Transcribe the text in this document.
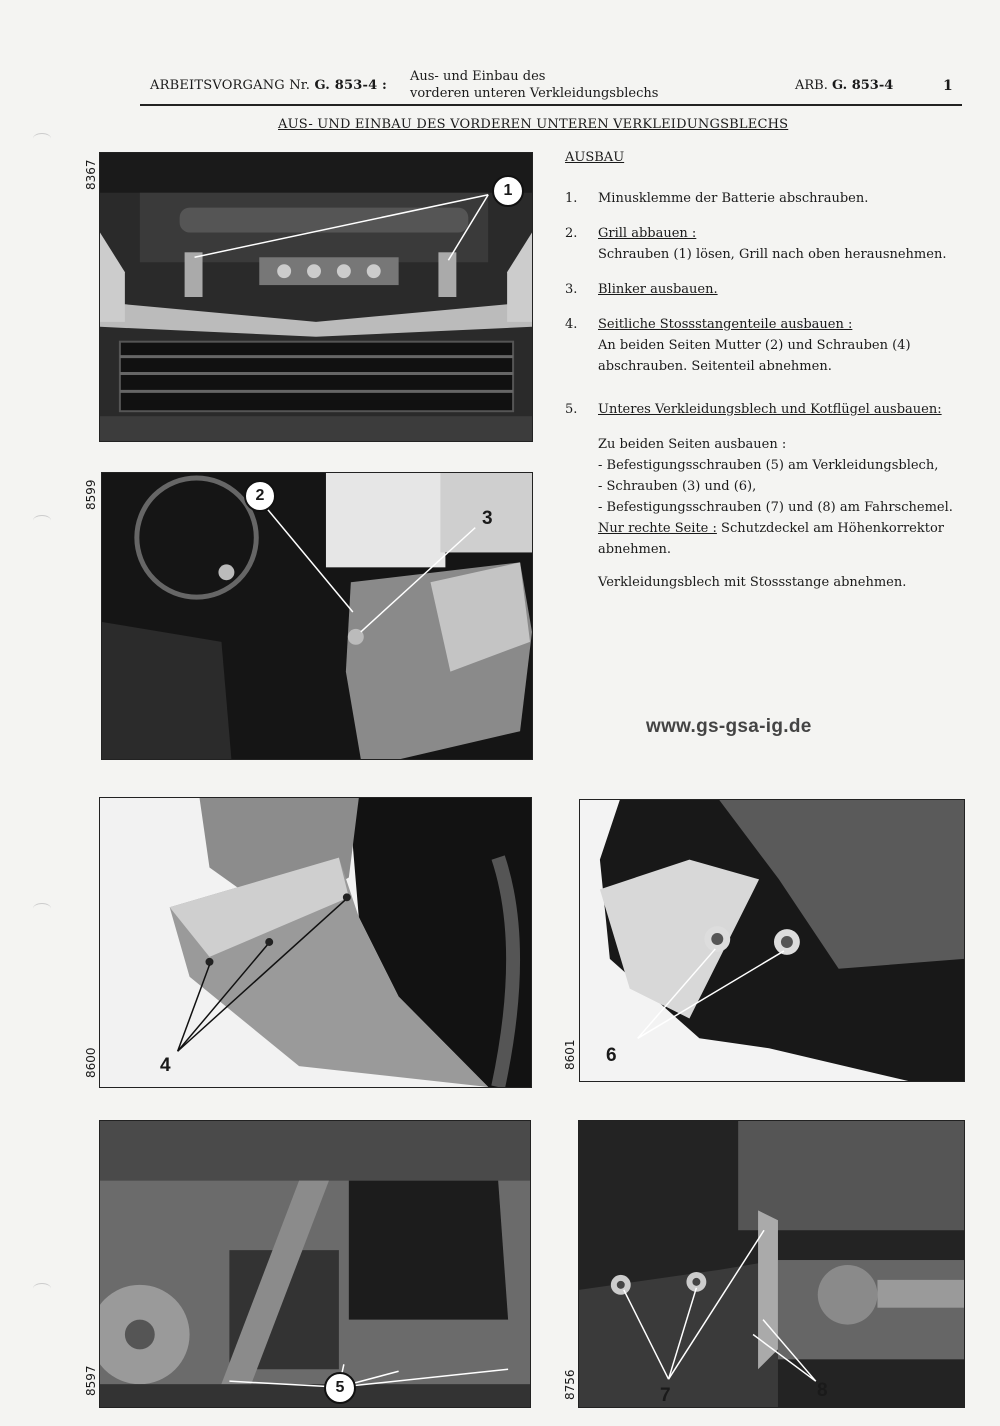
ARBEITSVORGANG Nr. G. 853-4 :
Aus- und Einbau des
vorderen unteren Verkleidungsblechs
ARB. G. 853-4	1
AUS- UND EINBAU DES VORDEREN UNTEREN VERKLEIDUNGSBLECHS
8367
1
8599	2
3
8600	4	8601 6
8597	5	8756	7	8
AUSBAU
1.	Minusklemme der Batterie abschrauben.
2.	Grill abbauen :
Schrauben (1) lösen, Grill nach oben herausnehmen.
3.	Blinker ausbauen.
4.	Seitliche Stossstangenteile ausbauen :
An beiden Seiten Mutter (2) und Schrauben (4) abschrauben. Seitenteil abnehmen.
5.	Unteres Verkleidungsblech und Kotflügel ausbauen:
Zu beiden Seiten ausbauen :
- Befestigungsschrauben (5) am Verkleidungsblech,
- Schrauben (3) und (6),
- Befestigungsschrauben (7) und (8) am Fahrschemel.
Nur rechte Seite : Schutzdeckel am Höhenkorrektor abnehmen.
Verkleidungsblech mit Stossstange abnehmen.
www.gs-gsa-ig.de
